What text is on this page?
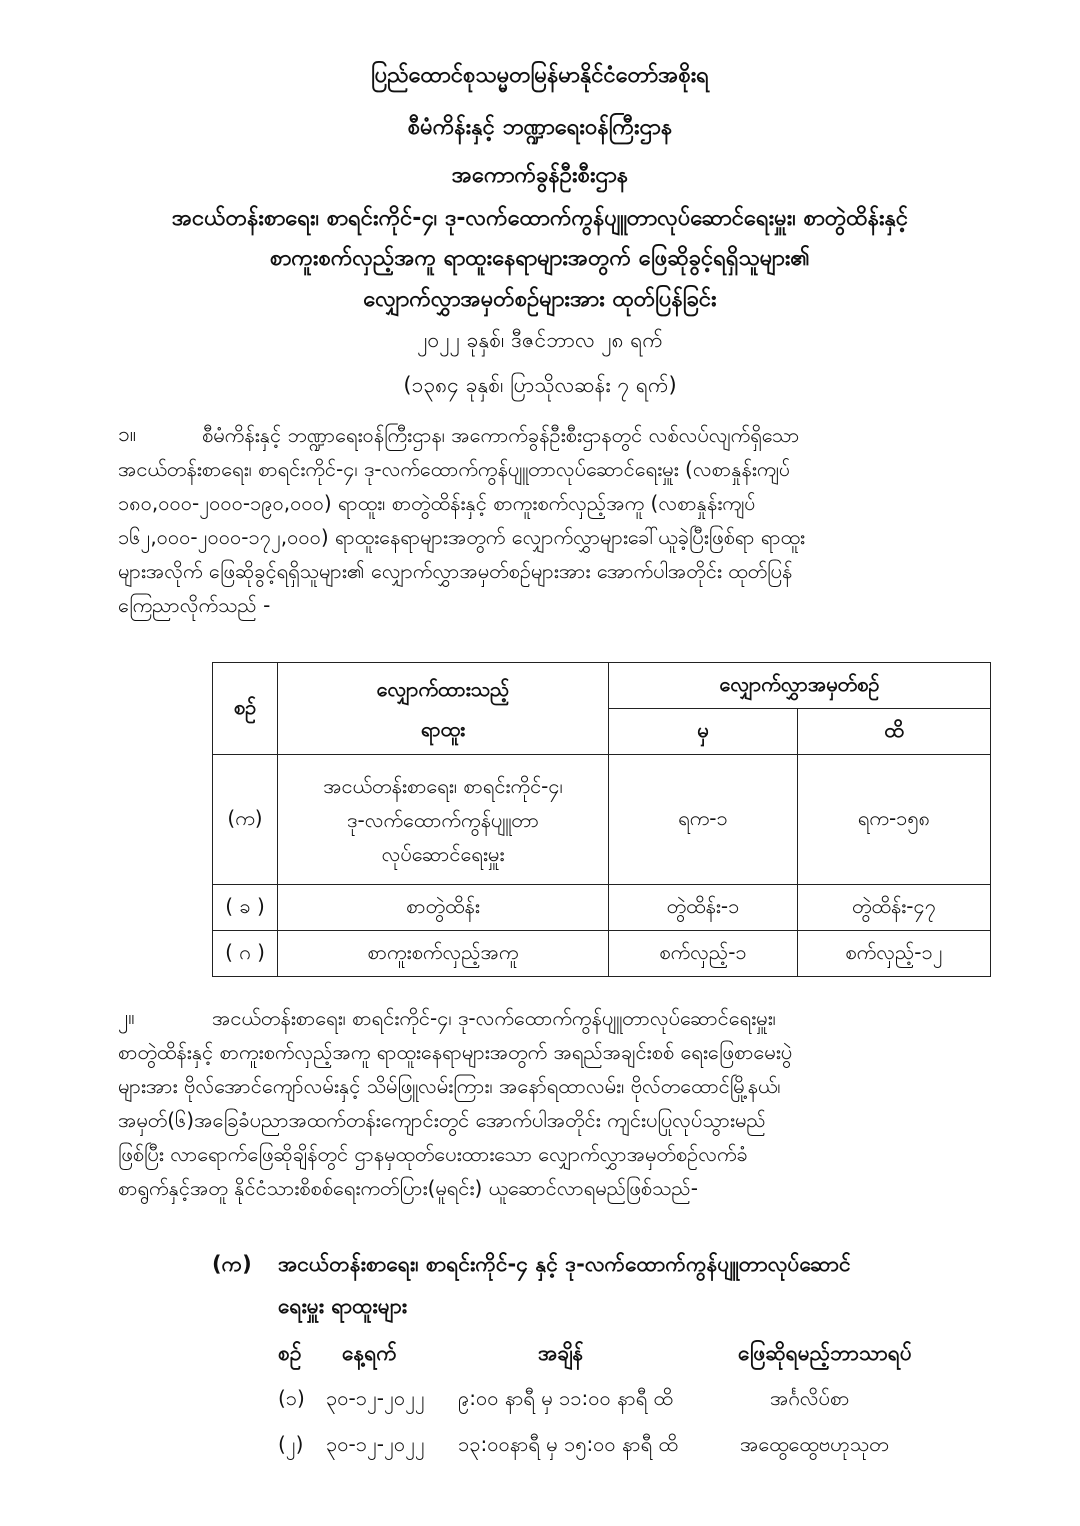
ပြည်ထောင်စုသမ္မတမြန်မာနိုင်ငံတော်အစိုးရ
စီမံကိန်းနှင့် ဘဏ္ဍာရေးဝန်ကြီးဌာန
အကောက်ခွန်ဦးစီးဌာန
အငယ်တန်းစာရေး၊ စာရင်းကိုင်-၄၊ ဒု-လက်ထောက်ကွန်ပျူတာလုပ်ဆောင်ရေးမှူး၊ စာတွဲထိန်းနှင့်
စာကူးစက်လှည့်အကူ ရာထူးနေရာများအတွက် ဖြေဆိုခွင့်ရရှိသူများ၏
လျှောက်လွှာအမှတ်စဉ်များအား ထုတ်ပြန်ခြင်း
၂၀၂၂ ခုနှစ်၊ ဒီဇင်ဘာလ ၂၈ ရက်
(၁၃၈၄ ခုနှစ်၊ ပြာသိုလဆန်း ၇ ရက်)
၁။	စီမံကိန်းနှင့် ဘဏ္ဍာရေးဝန်ကြီးဌာန၊ အကောက်ခွန်ဦးစီးဌာနတွင် လစ်လပ်လျက်ရှိသော
အငယ်တန်းစာရေး၊ စာရင်းကိုင်-၄၊ ဒု-လက်ထောက်ကွန်ပျူတာလုပ်ဆောင်ရေးမှူး (လစာနှုန်းကျပ်
၁၈၀,၀၀၀-၂၀၀၀-၁၉၀,၀၀၀) ရာထူး၊ စာတွဲထိန်းနှင့် စာကူးစက်လှည့်အကူ (လစာနှုန်းကျပ်
၁၆၂,၀၀၀-၂၀၀၀-၁၇၂,၀၀၀) ရာထူးနေရာများအတွက် လျှောက်လွှာများခေါ်ယူခဲ့ပြီးဖြစ်ရာ ရာထူး
များအလိုက် ဖြေဆိုခွင့်ရရှိသူများ၏ လျှောက်လွှာအမှတ်စဉ်များအား အောက်ပါအတိုင်း ထုတ်ပြန်
ကြေညာလိုက်သည် -
စဉ်	လျှောက်ထားသည့်
ရာထူး	လျှောက်လွှာအမှတ်စဉ်	
		မှ	ထိ
(က)	အငယ်တန်းစာရေး၊ စာရင်းကိုင်-၄၊
ဒု-လက်ထောက်ကွန်ပျူတာ
လုပ်ဆောင်ရေးမှူး	ရက-၁	ရက-၁၅၈
( ခ )	စာတွဲထိန်း	တွဲထိန်း-၁	တွဲထိန်း-၄၇
( ဂ )	စာကူးစက်လှည့်အကူ	စက်လှည့်-၁	စက်လှည့်-၁၂
၂။	အငယ်တန်းစာရေး၊ စာရင်းကိုင်-၄၊ ဒု-လက်ထောက်ကွန်ပျူတာလုပ်ဆောင်ရေးမှူး၊
စာတွဲထိန်းနှင့် စာကူးစက်လှည့်အကူ ရာထူးနေရာများအတွက် အရည်အချင်းစစ် ရေးဖြေစာမေးပွဲ
များအား ဗိုလ်အောင်ကျော်လမ်းနှင့် သိမ်ဖြူလမ်းကြား၊ အနော်ရထာလမ်း၊ ဗိုလ်တထောင်မြို့နယ်၊
အမှတ်(၆)အခြေခံပညာအထက်တန်းကျောင်းတွင် အောက်ပါအတိုင်း ကျင်းပပြုလုပ်သွားမည်
ဖြစ်ပြီး လာရောက်ဖြေဆိုချိန်တွင် ဌာနမှထုတ်ပေးထားသော လျှောက်လွှာအမှတ်စဉ်လက်ခံ
စာရွက်နှင့်အတူ နိုင်ငံသားစိစစ်ရေးကတ်ပြား(မူရင်း) ယူဆောင်လာရမည်ဖြစ်သည်-
(က) အငယ်တန်းစာရေး၊ စာရင်းကိုင်-၄ နှင့် ဒု-လက်ထောက်ကွန်ပျူတာလုပ်ဆောင်
ရေးမှူး ရာထူးများ
စဉ် နေ့ရက်	အချိန်	ဖြေဆိုရမည့်ဘာသာရပ်
(၁) ၃၀-၁၂-၂၀၂၂ ၉:၀၀ နာရီ မှ ၁၁:၀၀ နာရီ ထိ	အင်္ဂလိပ်စာ
(၂) ၃၀-၁၂-၂၀၂၂ ၁၃:၀၀နာရီ မှ ၁၅:၀၀ နာရီ ထိ	အထွေထွေဗဟုသုတ
